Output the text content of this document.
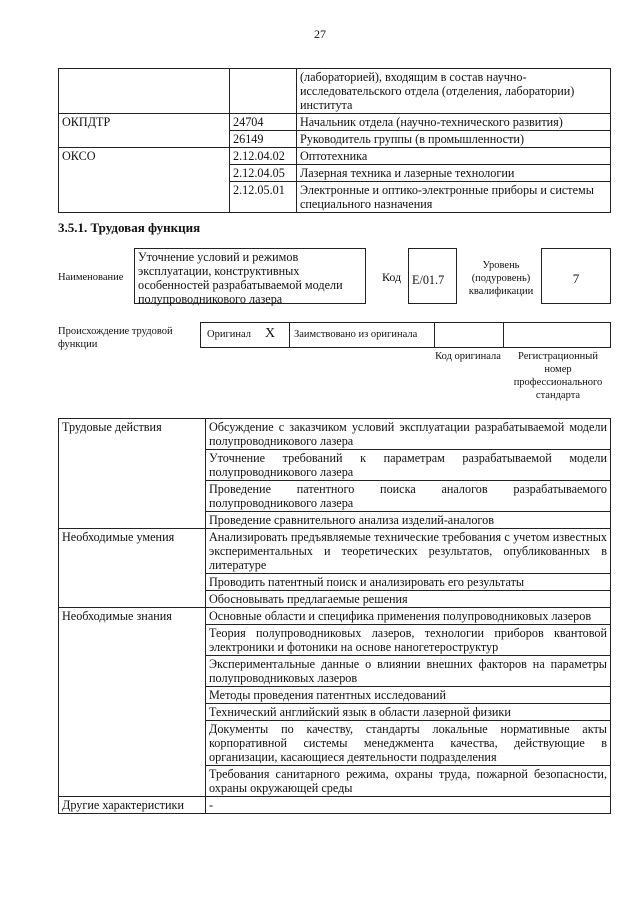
27
		(лабораторией), входящим в состав научно-исследовательского отдела (отделения, лаборатории) института
ОКПДТР	24704	Начальник отдела (научно-технического развития)
	26149	Руководитель группы (в промышленности)
ОКСО	2.12.04.02	Оптотехника
	2.12.04.05	Лазерная техника и лазерные технологии
	2.12.05.01	Электронные и оптико-электронные приборы и системы специального назначения
3.5.1. Трудовая функция
Наименование
Уточнение условий и режимов эксплуатации, конструктивных особенностей разрабатываемой модели полупроводникового лазера
Код E/01.7
Уровень (подуровень) квалификации
7
Происхождение трудовой функции
Оригинал X Заимствовано из оригинала
Код оригинала	Регистрационный номер профессионального стандарта
Трудовые действия	Обсуждение с заказчиком условий эксплуатации разрабатываемой модели полупроводникового лазера
	Уточнение требований к параметрам разрабатываемой модели полупроводникового лазера
	Проведение патентного поиска аналогов разрабатываемого полупроводникового лазера
	Проведение сравнительного анализа изделий-аналогов
Необходимые умения	Анализировать предъявляемые технические требования с учетом известных экспериментальных и теоретических результатов, опубликованных в литературе
	Проводить патентный поиск и анализировать его результаты
	Обосновывать предлагаемые решения
Необходимые знания	Основные области и специфика применения полупроводниковых лазеров
	Теория полупроводниковых лазеров, технологии приборов квантовой электроники и фотоники на основе наногетероструктур
	Экспериментальные данные о влиянии внешних факторов на параметры полупроводниковых лазеров
	Методы проведения патентных исследований
	Технический английский язык в области лазерной физики
	Документы по качеству, стандарты локальные нормативные акты корпоративной системы менеджмента качества, действующие в организации, касающиеся деятельности подразделения
	Требования санитарного режима, охраны труда, пожарной безопасности, охраны окружающей среды
Другие характеристики	-
